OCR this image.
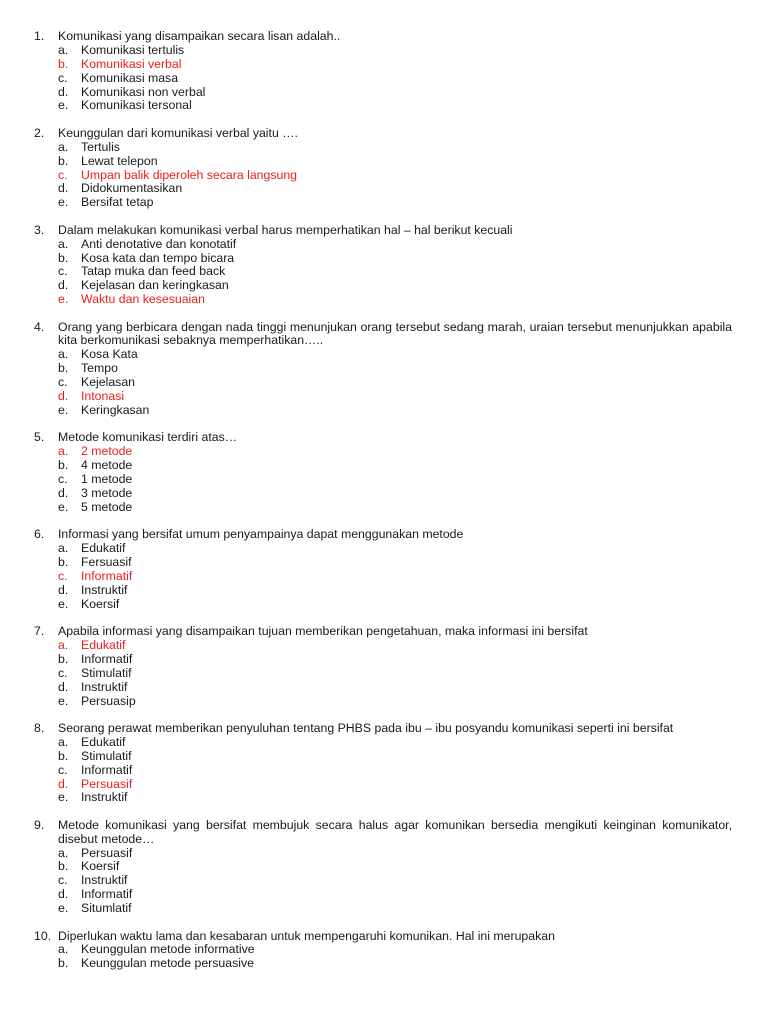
1. Komunikasi yang disampaikan secara lisan adalah..
a. Komunikasi tertulis
b. Komunikasi verbal
c. Komunikasi masa
d. Komunikasi non verbal
e. Komunikasi tersonal
2. Keunggulan dari komunikasi verbal yaitu ….
a. Tertulis
b. Lewat telepon
c. Umpan balik diperoleh secara langsung
d. Didokumentasikan
e. Bersifat tetap
3. Dalam melakukan komunikasi verbal harus memperhatikan hal – hal berikut kecuali
a. Anti denotative dan konotatif
b. Kosa kata dan tempo bicara
c. Tatap muka dan feed back
d. Kejelasan dan keringkasan
e. Waktu dan kesesuaian
4. Orang yang berbicara dengan nada tinggi menunjukan orang tersebut sedang marah, uraian tersebut menunjukkan apabila kita berkomunikasi sebaknya memperhatikan…..
a. Kosa Kata
b. Tempo
c. Kejelasan
d. Intonasi
e. Keringkasan
5. Metode komunikasi terdiri atas…
a. 2 metode
b. 4 metode
c. 1 metode
d. 3 metode
e. 5 metode
6. Informasi yang bersifat umum penyampainya dapat menggunakan metode
a. Edukatif
b. Fersuasif
c. Informatif
d. Instruktif
e. Koersif
7. Apabila informasi yang disampaikan tujuan memberikan pengetahuan, maka informasi ini bersifat
a. Edukatif
b. Informatif
c. Stimulatif
d. Instruktif
e. Persuasip
8. Seorang perawat memberikan penyuluhan tentang PHBS pada ibu – ibu posyandu komunikasi seperti ini bersifat
a. Edukatif
b. Stimulatif
c. Informatif
d. Persuasif
e. Instruktif
9. Metode komunikasi yang bersifat membujuk secara halus agar komunikan bersedia mengikuti keinginan komunikator, disebut metode…
a. Persuasif
b. Koersif
c. Instruktif
d. Informatif
e. Situmlatif
10. Diperlukan waktu lama dan kesabaran untuk mempengaruhi komunikan. Hal ini merupakan
a. Keunggulan metode informative
b. Keunggulan metode persuasive
